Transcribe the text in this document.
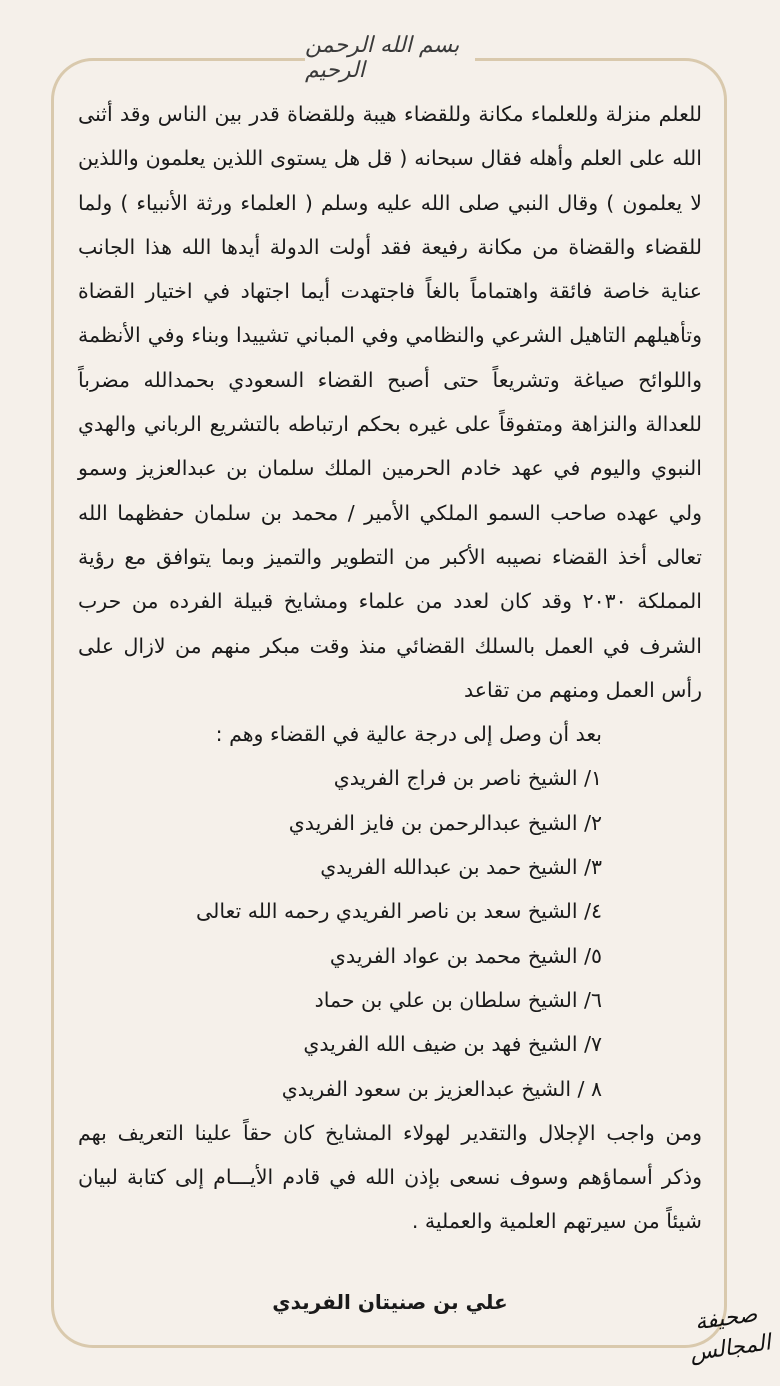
بسم الله الرحمن الرحيم

للعلم منزلة وللعلماء مكانة وللقضاء هيبة وللقضاة قدر بين الناس وقد أثنى الله على العلم وأهله فقال سبحانه ( قل هل يستوى اللذين يعلمون واللذين لا يعلمون ) وقال النبي صلى الله عليه وسلم ( العلماء ورثة الأنبياء ) ولما للقضاء والقضاة من مكانة رفيعة فقد أولت الدولة أيدها الله هذا الجانب عناية خاصة فائقة واهتماماً بالغاً فاجتهدت أيما اجتهاد في اختيار القضاة وتأهيلهم التاهيل الشرعي والنظامي وفي المباني تشييدا وبناء وفي الأنظمة واللوائح صياغة وتشريعاً حتى أصبح القضاء السعودي بحمدالله مضرباً للعدالة والنزاهة ومتفوقاً على غيره بحكم ارتباطه بالتشريع الرباني والهدي النبوي واليوم في عهد خادم الحرمين الملك سلمان بن عبدالعزيز وسمو ولي عهده صاحب السمو الملكي الأمير / محمد بن سلمان حفظهما الله تعالى أخذ القضاء نصيبه الأكبر من التطوير والتميز وبما يتوافق مع رؤية المملكة ٢٠٣٠ وقد كان لعدد من علماء ومشايخ قبيلة الفرده من حرب الشرف في العمل بالسلك القضائي منذ وقت مبكر منهم من لازال على رأس العمل ومنهم من تقاعد

بعد أن وصل إلى درجة عالية في القضاء وهم :

١/ الشيخ ناصر بن فراج الفريدي
٢/ الشيخ عبدالرحمن بن فايز الفريدي
٣/ الشيخ حمد بن عبدالله الفريدي
٤/ الشيخ سعد بن ناصر الفريدي رحمه الله تعالى
٥/ الشيخ محمد بن عواد الفريدي
٦/ الشيخ سلطان بن علي بن حماد
٧/ الشيخ فهد بن ضيف الله الفريدي
٨ / الشيخ عبدالعزيز بن سعود الفريدي

ومن واجب الإجلال والتقدير لهولاء المشايخ كان حقاً علينا التعريف بهم وذكر أسماؤهم وسوف نسعى بإذن الله في قادم الأيـــام إلى كتابة لبيان شيئاً من سيرتهم العلمية والعملية .

علي بن صنيتان الفريدي	صحيفة
المجالس
